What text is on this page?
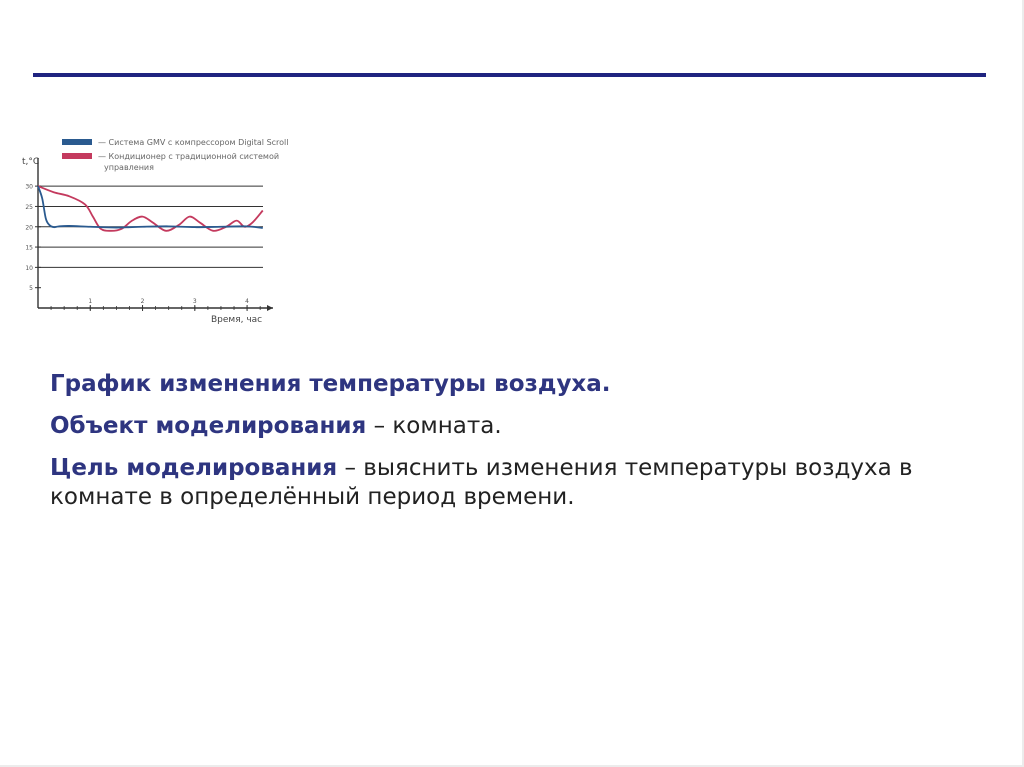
— Система GMV с компрессором Digital Scroll
— Кондиционер с традиционной системой управления
t,°C
Время, час
5
10
15
20
25
30
1	2	3	4

График изменения температуры воздуха.

Объект моделирования – комната.

Цель моделирования – выяснить изменения температуры воздуха в комнате в определённый период времени.
